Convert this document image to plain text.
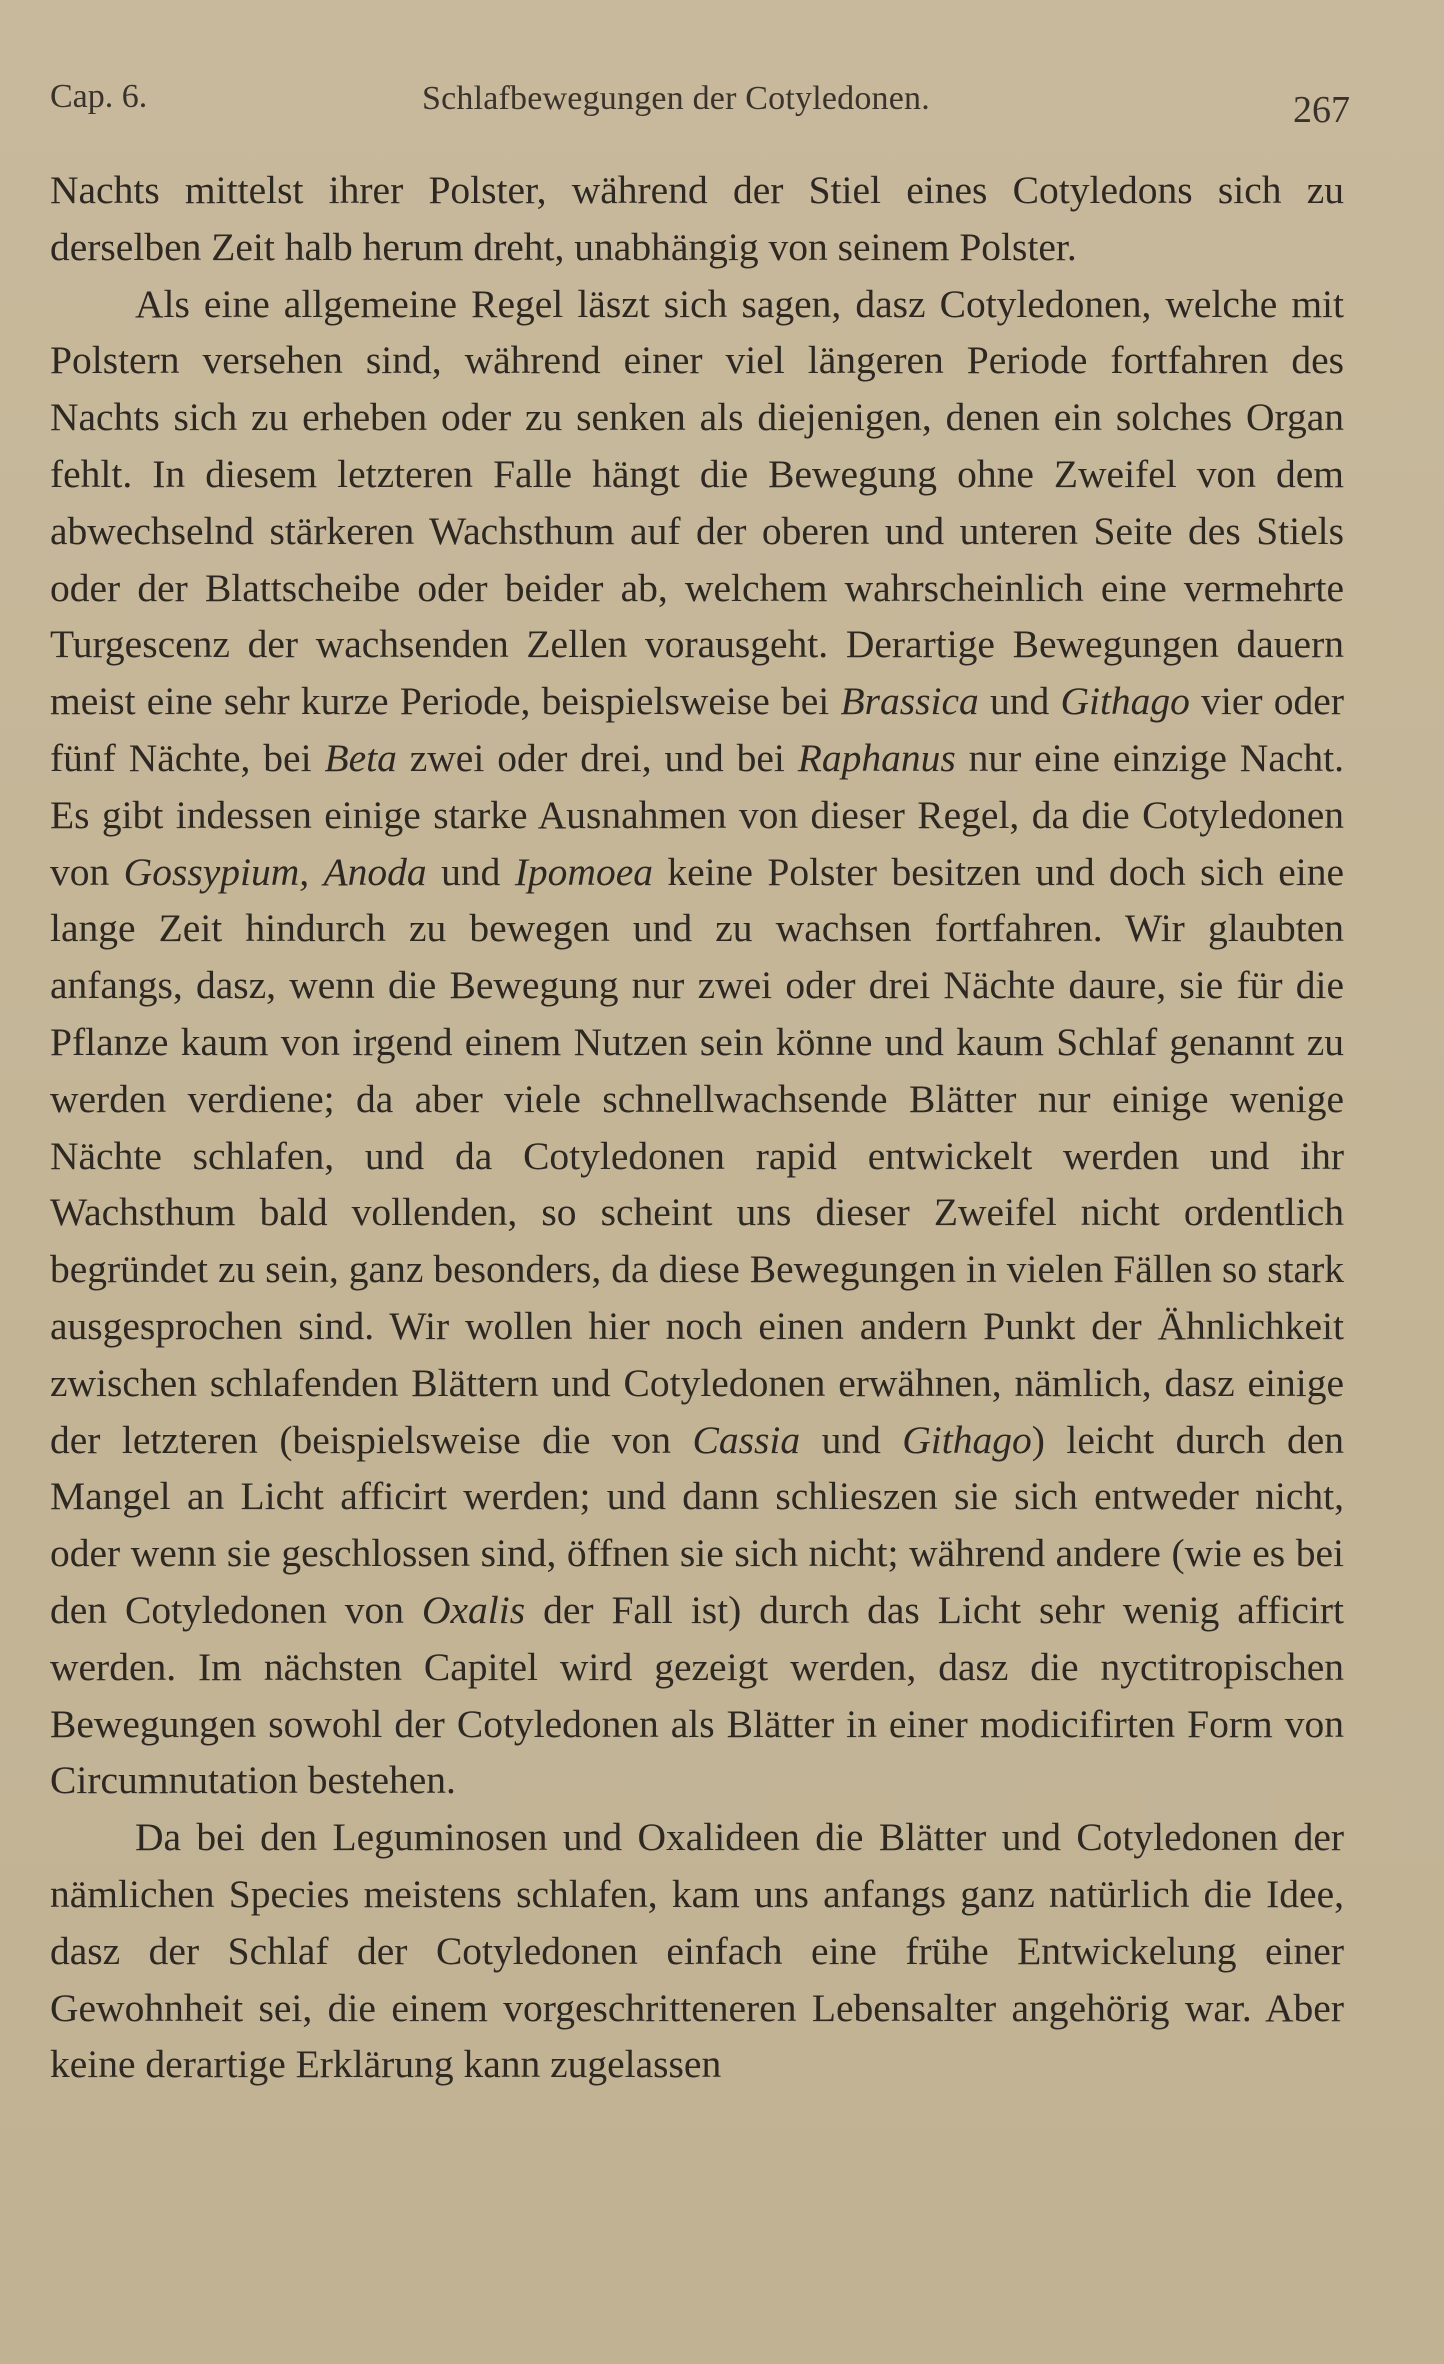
Cap. 6.	Schlafbewegungen der Cotyledonen.	267

Nachts mittelst ihrer Polster, während der Stiel eines Cotyledons sich zu derselben Zeit halb herum dreht, unabhängig von seinem Polster.

Als eine allgemeine Regel läszt sich sagen, dasz Cotyledonen, welche mit Polstern versehen sind, während einer viel längeren Periode fortfahren des Nachts sich zu erheben oder zu senken als diejenigen, denen ein solches Organ fehlt. In diesem letzteren Falle hängt die Bewegung ohne Zweifel von dem abwechselnd stärkeren Wachsthum auf der oberen und unteren Seite des Stiels oder der Blattscheibe oder beider ab, welchem wahrscheinlich eine vermehrte Turgescenz der wachsenden Zellen vorausgeht. Derartige Bewegungen dauern meist eine sehr kurze Periode, beispielsweise bei Brassica und Githago vier oder fünf Nächte, bei Beta zwei oder drei, und bei Raphanus nur eine einzige Nacht. Es gibt indessen einige starke Ausnahmen von dieser Regel, da die Cotyledonen von Gossypium, Anoda und Ipomoea keine Polster besitzen und doch sich eine lange Zeit hindurch zu bewegen und zu wachsen fortfahren. Wir glaubten anfangs, dasz, wenn die Bewegung nur zwei oder drei Nächte daure, sie für die Pflanze kaum von irgend einem Nutzen sein könne und kaum Schlaf genannt zu werden verdiene; da aber viele schnellwachsende Blätter nur einige wenige Nächte schlafen, und da Cotyledonen rapid entwickelt werden und ihr Wachsthum bald vollenden, so scheint uns dieser Zweifel nicht ordentlich begründet zu sein, ganz besonders, da diese Bewegungen in vielen Fällen so stark ausgesprochen sind. Wir wollen hier noch einen andern Punkt der Ähnlichkeit zwischen schlafenden Blättern und Cotyledonen erwähnen, nämlich, dasz einige der letzteren (beispielsweise die von Cassia und Githago) leicht durch den Mangel an Licht afficirt werden; und dann schlieszen sie sich entweder nicht, oder wenn sie geschlossen sind, öffnen sie sich nicht; während andere (wie es bei den Cotyledonen von Oxalis der Fall ist) durch das Licht sehr wenig afficirt werden. Im nächsten Capitel wird gezeigt werden, dasz die nyctitropischen Bewegungen sowohl der Cotyledonen als Blätter in einer modicifirten Form von Circumnutation bestehen.

Da bei den Leguminosen und Oxalideen die Blätter und Cotyledonen der nämlichen Species meistens schlafen, kam uns anfangs ganz natürlich die Idee, dasz der Schlaf der Cotyledonen einfach eine frühe Entwickelung einer Gewohnheit sei, die einem vorgeschritteneren Lebensalter angehörig war. Aber keine derartige Erklärung kann zugelassen
